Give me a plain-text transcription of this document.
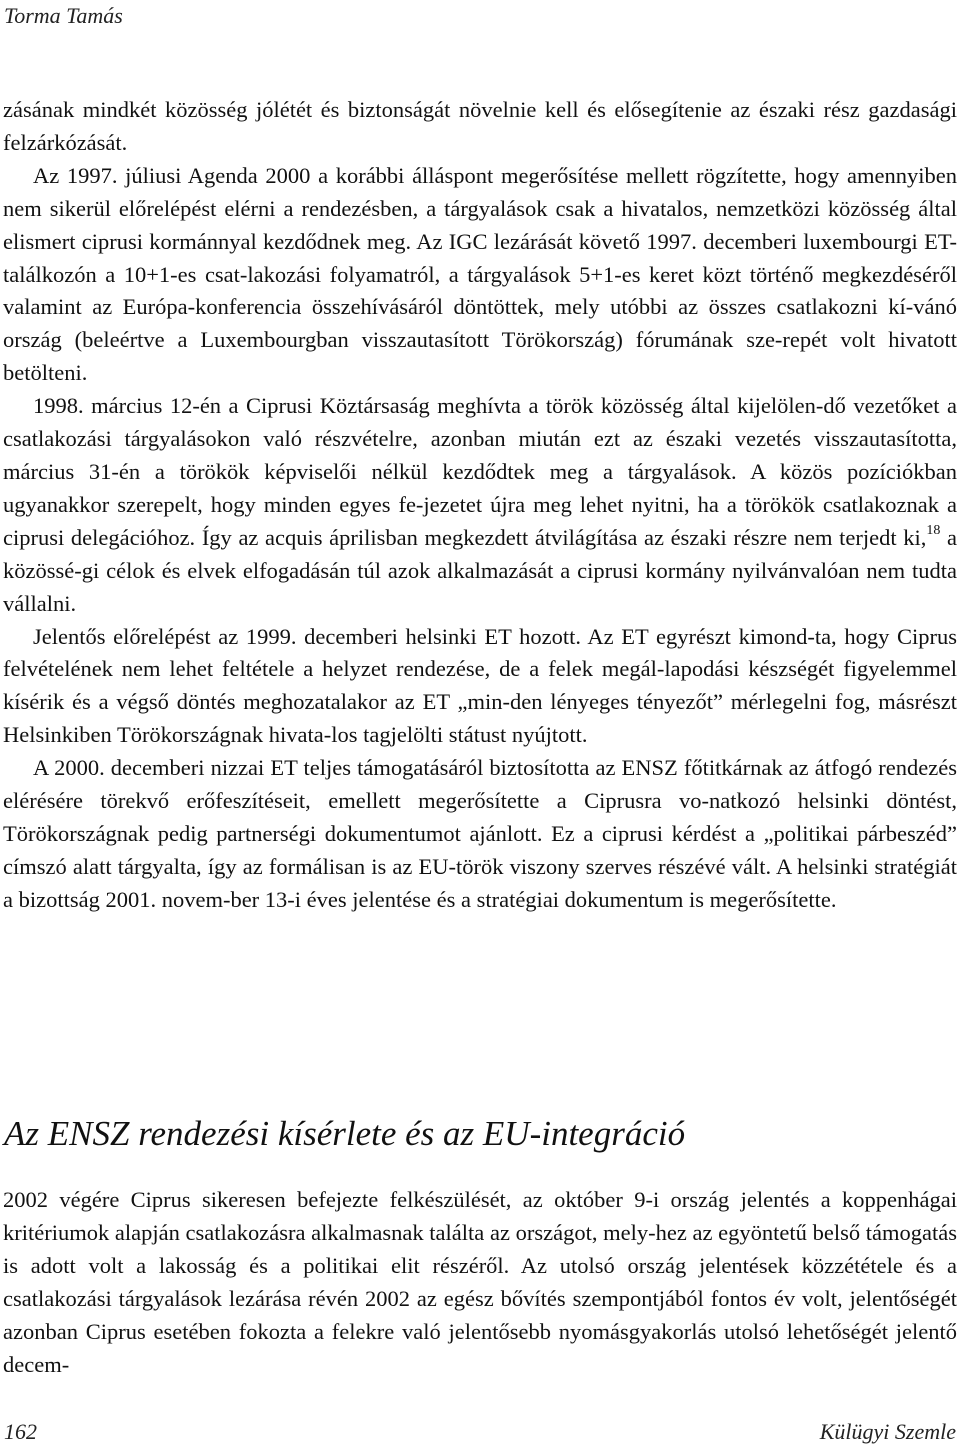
Torma Tamás

zásának mindkét közösség jólétét és biztonságát növelnie kell és elősegítenie az északi rész gazdasági felzárkózását.

Az 1997. júliusi Agenda 2000 a korábbi álláspont megerősítése mellett rögzítette, hogy amennyiben nem sikerül előrelépést elérni a rendezésben, a tárgyalások csak a hivatalos, nemzetközi közösség által elismert ciprusi kormánnyal kezdődnek meg. Az IGC lezárását követő 1997. decemberi luxembourgi ET-találkozón a 10+1-es csat-lakozási folyamatról, a tárgyalások 5+1-es keret közt történő megkezdéséről valamint az Európa-konferencia összehívásáról döntöttek, mely utóbbi az összes csatlakozni kí-vánó ország (beleértve a Luxembourgban visszautasított Törökország) fórumának sze-repét volt hivatott betölteni.

1998. március 12-én a Ciprusi Köztársaság meghívta a török közösség által kijelölen-dő vezetőket a csatlakozási tárgyalásokon való részvételre, azonban miután ezt az északi vezetés visszautasította, március 31-én a törökök képviselői nélkül kezdődtek meg a tárgyalások. A közös pozíciókban ugyanakkor szerepelt, hogy minden egyes fe-jezetet újra meg lehet nyitni, ha a törökök csatlakoznak a ciprusi delegációhoz. Így az acquis áprilisban megkezdett átvilágítása az északi részre nem terjedt ki,$^{18}$ a közössé-gi célok és elvek elfogadásán túl azok alkalmazását a ciprusi kormány nyilvánvalóan nem tudta vállalni.

Jelentős előrelépést az 1999. decemberi helsinki ET hozott. Az ET egyrészt kimond-ta, hogy Ciprus felvételének nem lehet feltétele a helyzet rendezése, de a felek megál-lapodási készségét figyelemmel kísérik és a végső döntés meghozatalakor az ET „min-den lényeges tényezőt” mérlegelni fog, másrészt Helsinkiben Törökországnak hivata-los tagjelölti státust nyújtott.

A 2000. decemberi nizzai ET teljes támogatásáról biztosította az ENSZ főtitkárnak az átfogó rendezés elérésére törekvő erőfeszítéseit, emellett megerősítette a Ciprusra vo-natkozó helsinki döntést, Törökországnak pedig partnerségi dokumentumot ajánlott. Ez a ciprusi kérdést a „politikai párbeszéd” címszó alatt tárgyalta, így az formálisan is az EU-török viszony szerves részévé vált. A helsinki stratégiát a bizottság 2001. novem-ber 13-i éves jelentése és a stratégiai dokumentum is megerősítette.

Az ENSZ rendezési kísérlete és az EU-integráció

2002 végére Ciprus sikeresen befejezte felkészülését, az október 9-i ország jelentés a koppenhágai kritériumok alapján csatlakozásra alkalmasnak találta az országot, mely-hez az egyöntetű belső támogatás is adott volt a lakosság és a politikai elit részéről. Az utolsó ország jelentések közzététele és a csatlakozási tárgyalások lezárása révén 2002 az egész bővítés szempontjából fontos év volt, jelentőségét azonban Ciprus esetében fokozta a felekre való jelentősebb nyomásgyakorlás utolsó lehetőségét jelentő decem-

162	Külügyi Szemle
